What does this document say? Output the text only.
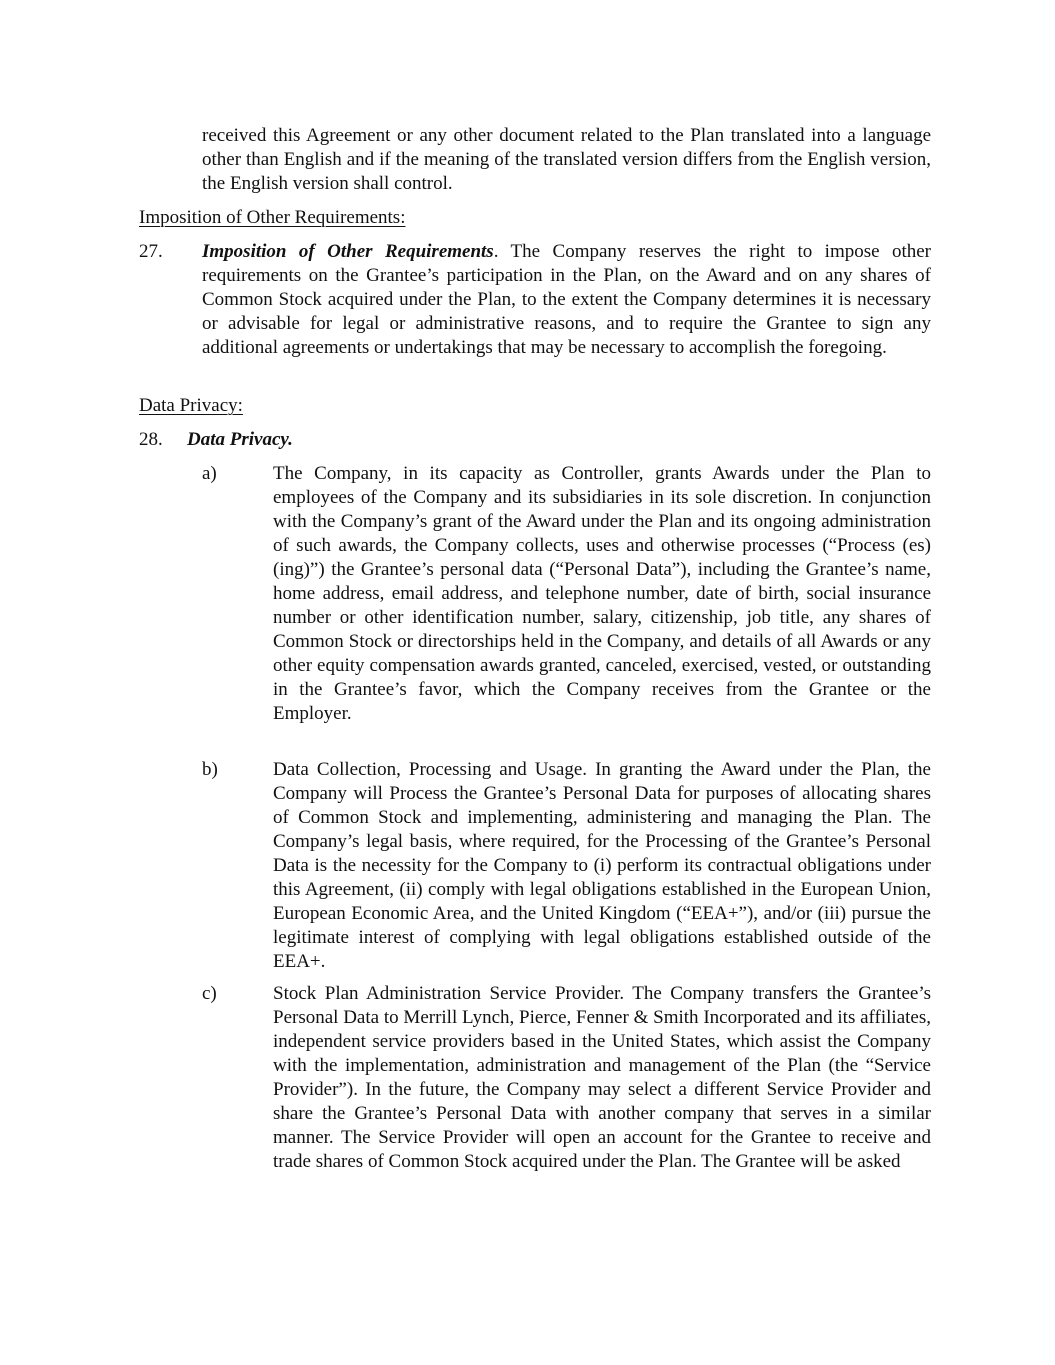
received this Agreement or any other document related to the Plan translated into a language other than English and if the meaning of the translated version differs from the English version, the English version shall control.

Imposition of Other Requirements:

27. Imposition of Other Requirements. The Company reserves the right to impose other requirements on the Grantee’s participation in the Plan, on the Award and on any shares of Common Stock acquired under the Plan, to the extent the Company determines it is necessary or advisable for legal or administrative reasons, and to require the Grantee to sign any additional agreements or undertakings that may be necessary to accomplish the foregoing.

Data Privacy:

28. Data Privacy.

a)	The Company, in its capacity as Controller, grants Awards under the Plan to employees of the Company and its subsidiaries in its sole discretion. In conjunction with the Company’s grant of the Award under the Plan and its ongoing administration of such awards, the Company collects, uses and otherwise processes (“Process (es)(ing)”) the Grantee’s personal data (“Personal Data”), including the Grantee’s name, home address, email address, and telephone number, date of birth, social insurance number or other identification number, salary, citizenship, job title, any shares of Common Stock or directorships held in the Company, and details of all Awards or any other equity compensation awards granted, canceled, exercised, vested, or outstanding in the Grantee’s favor, which the Company receives from the Grantee or the Employer.

b)	Data Collection, Processing and Usage. In granting the Award under the Plan, the Company will Process the Grantee’s Personal Data for purposes of allocating shares of Common Stock and implementing, administering and managing the Plan. The Company’s legal basis, where required, for the Processing of the Grantee’s Personal Data is the necessity for the Company to (i) perform its contractual obligations under this Agreement, (ii) comply with legal obligations established in the European Union, European Economic Area, and the United Kingdom (“EEA+”), and/or (iii) pursue the legitimate interest of complying with legal obligations established outside of the EEA+.

c)	Stock Plan Administration Service Provider. The Company transfers the Grantee’s Personal Data to Merrill Lynch, Pierce, Fenner & Smith Incorporated and its affiliates, independent service providers based in the United States, which assist the Company with the implementation, administration and management of the Plan (the “Service Provider”). In the future, the Company may select a different Service Provider and share the Grantee’s Personal Data with another company that serves in a similar manner. The Service Provider will open an account for the Grantee to receive and trade shares of Common Stock acquired under the Plan. The Grantee will be asked
